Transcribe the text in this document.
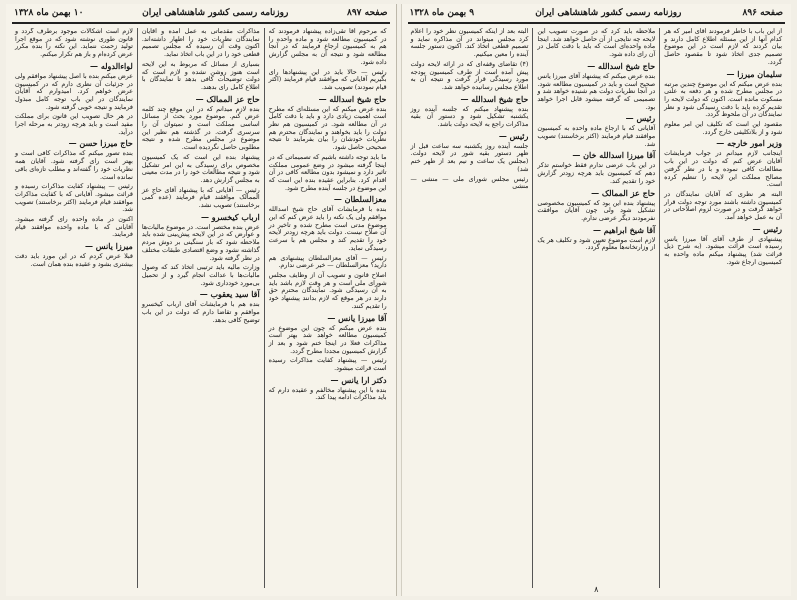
صفحه ۸۹۷
روزنامه رسمی کشور شاهنشاهی ایران
۱۰ بهمن ماه ۱۳۲۸

که مرحوم آقا تقی‌زاده پیشنهاد فرمودند که در کمیسیون مطالعه شود و ماده واحده را هم به کمیسیون ارجاع فرمایند که در آنجا مطالعه شود و نتیجه آن به مجلس گزارش داده شود.

رئیس — حالا باید در این پیشنهادها رای بگیریم آقایانی که موافقند قیام فرمایند (اکثر قیام نمودند) تصویب شد.

حاج شیخ اسدالله —

بنده عرض میکنم که این مسئله‌ای که مطرح است اهمیت زیادی دارد و باید با دقت کامل در آن مطالعه شود. در کمیسیون هم نظر دولت را باید بخواهند و نمایندگان محترم هم نظریات خودشان را بیان بفرمایند تا نتیجه صحیحی حاصل شود.

ما باید توجه داشته باشیم که تصمیماتی که در اینجا گرفته میشود در وضع عمومی مملکت تاثیر دارد و نمیشود بدون مطالعه کافی در آن اقدام کرد. بنابراین عقیده بنده این است که این موضوع در جلسه آینده مطرح شود.

معزالسلطان —

بنده با فرمایشات آقای حاج شیخ اسدالله موافقم ولی یک نکته را باید عرض کنم که این موضوع مدتی است مطرح شده و تاخیر در آن صلاح نیست. دولت باید هرچه زودتر لایحه خود را تقدیم کند و مجلس هم با سرعت رسیدگی نماید.

رئیس — آقای معزالسلطان پیشنهادی هم دارید؟ معزالسلطان — خیر عرضی ندارم.

اصلاح قانون و تصویب آن از وظایف مجلس شورای ملی است و هر وقت لازم باشد باید به آن رسیدگی شود. نمایندگان محترم حق دارند در هر موقع که لازم بدانند پیشنهاد خود را تقدیم کنند.

آقا میرزا یانس —

بنده عرض میکنم که چون این موضوع در کمیسیون مطالعه خواهد شد بهتر است مذاکرات فعلا در اینجا ختم شود و بعد از گزارش کمیسیون مجددا مطرح گردد.

رئیس — پیشنهاد کفایت مذاکرات رسیده است قرائت میشود.

دکتر ارا یانس —

بنده با این پیشنهاد مخالفم و عقیده دارم که باید مذاکرات ادامه پیدا کند.

مذاکرات مقدماتی به عمل آمده و آقایان نمایندگان نظریات خود را اظهار داشته‌اند. اکنون وقت آن رسیده که مجلس تصمیم قطعی خود را در این باب اتخاذ نماید.

بسیاری از مسائل که مربوط به این لایحه است هنوز روشن نشده و لازم است که دولت توضیحات کافی بدهد تا نمایندگان با اطلاع کامل رای بدهند.

حاج عز الممالک —

بنده لازم میدانم که در این موقع چند کلمه عرض کنم. موضوع مورد بحث از مسائل اساسی مملکت است و نمیتوان آن را سرسری گرفت. در گذشته هم نظیر این موضوع در مجلس مطرح شده و نتیجه مطلوبی حاصل نگردیده است.

پیشنهاد بنده این است که یک کمیسیون مخصوص برای رسیدگی به این امر تشکیل شود و نتیجه مطالعات خود را در مدت معینی به مجلس گزارش دهد.

رئیس — آقایانی که با پیشنهاد آقای حاج عز الممالک موافقند قیام فرمایند (عده کمی برخاستند) تصویب نشد.

ارباب کیخسرو —

عرض بنده مختصر است. در موضوع مالیات‌ها و عوارض که در این لایحه پیش‌بینی شده باید ملاحظه شود که بار سنگینی بر دوش مردم گذاشته نشود و وضع اقتصادی طبقات مختلف در نظر گرفته شود.

وزارت مالیه باید ترتیبی اتخاذ کند که وصول مالیات‌ها با عدالت انجام گیرد و از تحمیل بی‌مورد خودداری شود.

آقا سید یعقوب —

بنده هم با فرمایشات آقای ارباب کیخسرو موافقم و تقاضا دارم که دولت در این باب توضیح کافی بدهد.

لازم است اشکالات موجود برطرف گردد و قانون طوری نوشته شود که در موقع اجرا تولید زحمت ننماید. این نکته را بنده مکرر عرض کرده‌ام و باز هم تکرار میکنم.

لواءالدوله —

عرض میکنم بنده با اصل پیشنهاد موافقم ولی در جزئیات آن نظری دارم که در کمیسیون عرض خواهم کرد. امیدوارم که آقایان نمایندگان در این باب توجه کامل مبذول فرمایند و نتیجه خوبی گرفته شود.

در هر حال تصویب این قانون برای مملکت مفید است و باید هرچه زودتر به مرحله اجرا درآید.

حاج میرزا حسن —

بنده تصور میکنم که مذاکرات کافی است و بهتر است رای گرفته شود. آقایان همه نظریات خود را گفته‌اند و مطلب تازه‌ای باقی نمانده است.

رئیس — پیشنهاد کفایت مذاکرات رسیده و قرائت میشود. آقایانی که با کفایت مذاکرات موافقند قیام فرمایند (اکثر برخاستند) تصویب شد.

اکنون در ماده واحده رای گرفته میشود. آقایانی که با ماده واحده موافقند قیام فرمایند.

میرزا یانس —

قبلا عرض کردم که در این مورد باید دقت بیشتری بشود و عقیده بنده همان است.

صفحه ۸۹۶
روزنامه رسمی کشور شاهنشاهی ایران
۹ بهمن ماه ۱۳۲۸

از این باب با خاطر فرمودند آقای امیر که هر کدام آنها از این مسئله اطلاع کامل دارند و بیان کردند که لازم است در این موضوع تصمیم جدی اتخاذ شود تا مقصود حاصل گردد.

سلیمان میرزا —

بنده عرض میکنم که این موضوع چندین مرتبه در مجلس مطرح شده و هر دفعه به علتی مسکوت مانده است. اکنون که دولت لایحه را تقدیم کرده باید با دقت رسیدگی شود و نظر نمایندگان در آن ملحوظ گردد.

مقصود این است که تکلیف این امر معلوم شود و از بلاتکلیفی خارج گردد.

وزیر امور خارجه —

اینجانب لازم میدانم در جواب فرمایشات آقایان عرض کنم که دولت در این باب مطالعات کافی نموده و با در نظر گرفتن مصالح مملکت این لایحه را تنظیم کرده است.

البته هر نظری که آقایان نمایندگان در کمیسیون داشته باشند مورد توجه دولت قرار خواهد گرفت و در صورت لزوم اصلاحاتی در آن به عمل خواهد آمد.

رئیس —

پیشنهادی از طرف آقای آقا میرزا یانس رسیده است قرائت میشود. (به شرح ذیل قرائت شد) پیشنهاد میکنم ماده واحده به کمیسیون ارجاع شود.

ملاحظه باید کرد که در صورت تصویب این لایحه چه نتایجی از آن حاصل خواهد شد. اینجا ماده واحده‌ای است که باید با دقت کامل در آن رای داده شود.

حاج شیخ اسدالله —

بنده عرض میکنم که پیشنهاد آقای میرزا یانس صحیح است و باید در کمیسیون مطالعه شود. در آنجا نظریات دولت هم شنیده خواهد شد و تصمیمی که گرفته میشود قابل اجرا خواهد بود.

رئیس —

آقایانی که با ارجاع ماده واحده به کمیسیون موافقند قیام فرمایند (اکثر برخاستند) تصویب شد.

آقا میرزا اسدالله خان —

در این باب عرضی ندارم فقط خواستم تذکر دهم که کمیسیون باید هرچه زودتر گزارش خود را تقدیم کند.

حاج عز الممالک —

پیشنهاد بنده این بود که کمیسیون مخصوصی تشکیل شود ولی چون آقایان موافقت نفرمودند دیگر عرضی ندارم.

آقا شیخ ابراهیم —

لازم است موضوع تعیین شود و تکلیف هر یک از وزارتخانه‌ها معلوم گردد.

البته بعد از اینکه کمیسیون نظر خود را اعلام کرد مجلس میتواند در آن مذاکره نماید و تصمیم قطعی اتخاذ کند. اکنون دستور جلسه آینده را معین میکنیم.

(۴) تقاضای وقفه‌ای که در ارائه لایحه دولت پیش آمده است از طرف کمیسیون بودجه مورد رسیدگی قرار گرفت و نتیجه آن به اطلاع مجلس رسانیده خواهد شد.

حاج شیخ اسدالله —

بنده پیشنهاد میکنم که جلسه آینده روز یکشنبه تشکیل شود و دستور آن بقیه مذاکرات راجع به لایحه دولت باشد.

رئیس —

جلسه آینده روز یکشنبه سه ساعت قبل از ظهر دستور بقیه شور در لایحه دولت. (مجلس یک ساعت و نیم بعد از ظهر ختم شد)

رئیس مجلس شورای ملی — منشی — منشی

۸
